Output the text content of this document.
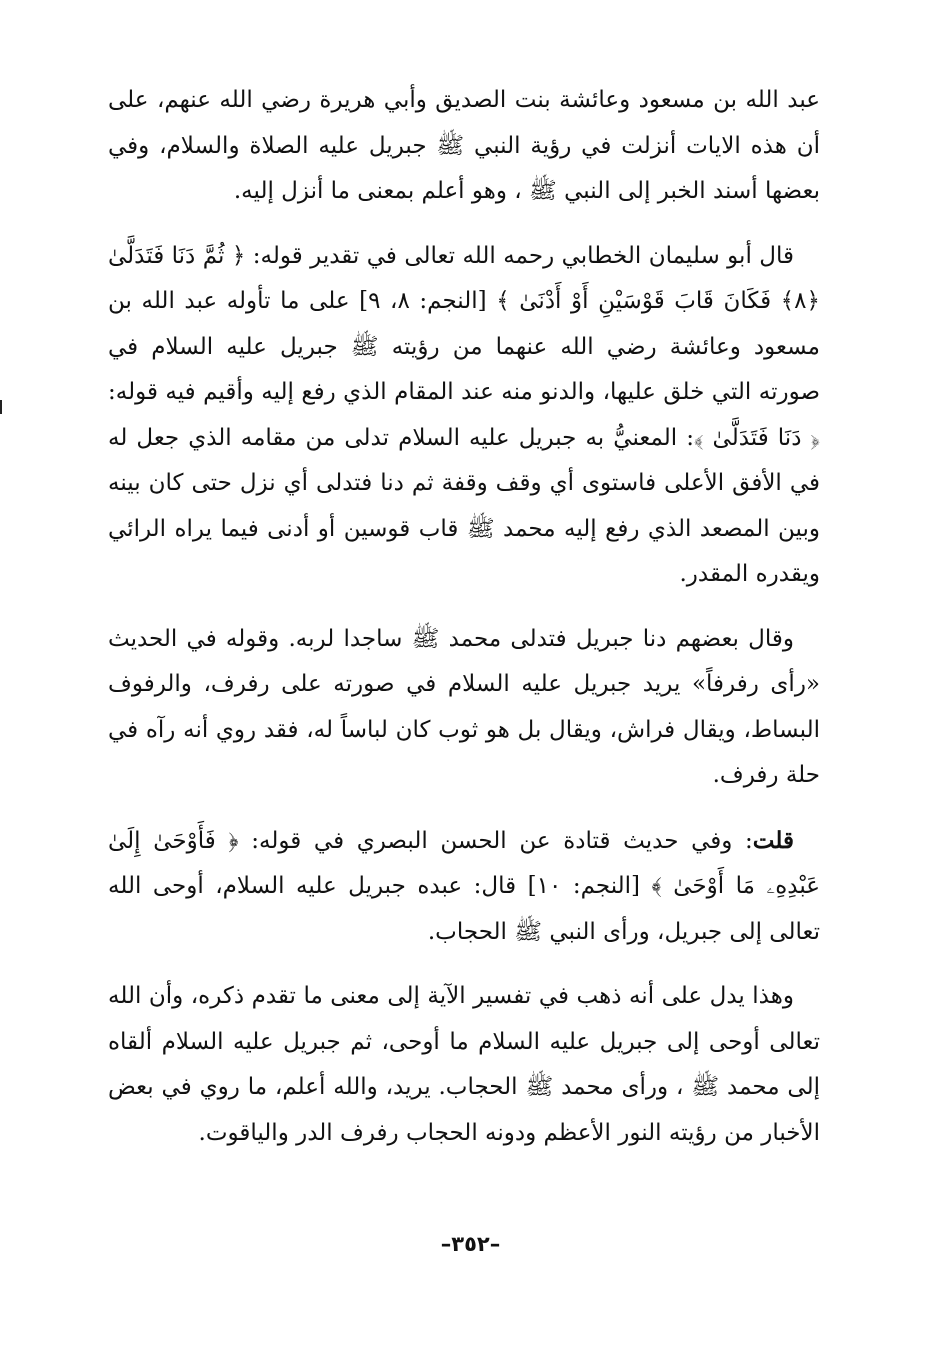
عبد الله بن مسعود وعائشة بنت الصديق وأبي هريرة رضي الله عنهم، على أن هذه الايات أنزلت في رؤية النبي ﷺ جبريل عليه الصلاة والسلام، وفي بعضها أسند الخبر إلى النبي ﷺ ، وهو أعلم بمعنى ما أنزل إليه.

قال أبو سليمان الخطابي رحمه الله تعالى في تقدير قوله: ﴿ ثُمَّ دَنَا فَتَدَلَّىٰ ﴿٨﴾ فَكَانَ قَابَ قَوْسَيْنِ أَوْ أَدْنَىٰ ﴾ [النجم: ٨، ٩] على ما تأوله عبد الله بن مسعود وعائشة رضي الله عنهما من رؤيته ﷺ جبريل عليه السلام في صورته التي خلق عليها، والدنو منه عند المقام الذي رفع إليه وأقيم فيه قوله: ﴿ دَنَا فَتَدَلَّىٰ ﴾: المعنيُّ به جبريل عليه السلام تدلى من مقامه الذي جعل له في الأفق الأعلى فاستوى أي وقف وقفة ثم دنا فتدلى أي نزل حتى كان بينه وبين المصعد الذي رفع إليه محمد ﷺ قاب قوسين أو أدنى فيما يراه الرائي ويقدره المقدر.

وقال بعضهم دنا جبريل فتدلى محمد ﷺ ساجدا لربه. وقوله في الحديث «رأى رفرفاً» يريد جبريل عليه السلام في صورته على رفرف، والرفوف البساط، ويقال فراش، ويقال بل هو ثوب كان لباساً له، فقد روي أنه رآه في حلة رفرف.

قلت: وفي حديث قتادة عن الحسن البصري في قوله: ﴿ فَأَوْحَىٰ إِلَىٰ عَبْدِهِۦ مَا أَوْحَىٰ ﴾ [النجم: ١٠] قال: عبده جبريل عليه السلام، أوحى الله تعالى إلى جبريل، ورأى النبي ﷺ الحجاب.

وهذا يدل على أنه ذهب في تفسير الآية إلى معنى ما تقدم ذكره، وأن الله تعالى أوحى إلى جبريل عليه السلام ما أوحى، ثم جبريل عليه السلام ألقاه إلى محمد ﷺ ، ورأى محمد ﷺ الحجاب. يريد، والله أعلم، ما روي في بعض الأخبار من رؤيته النور الأعظم ودونه الحجاب رفرف الدر والياقوت.

–٣٥٢–
